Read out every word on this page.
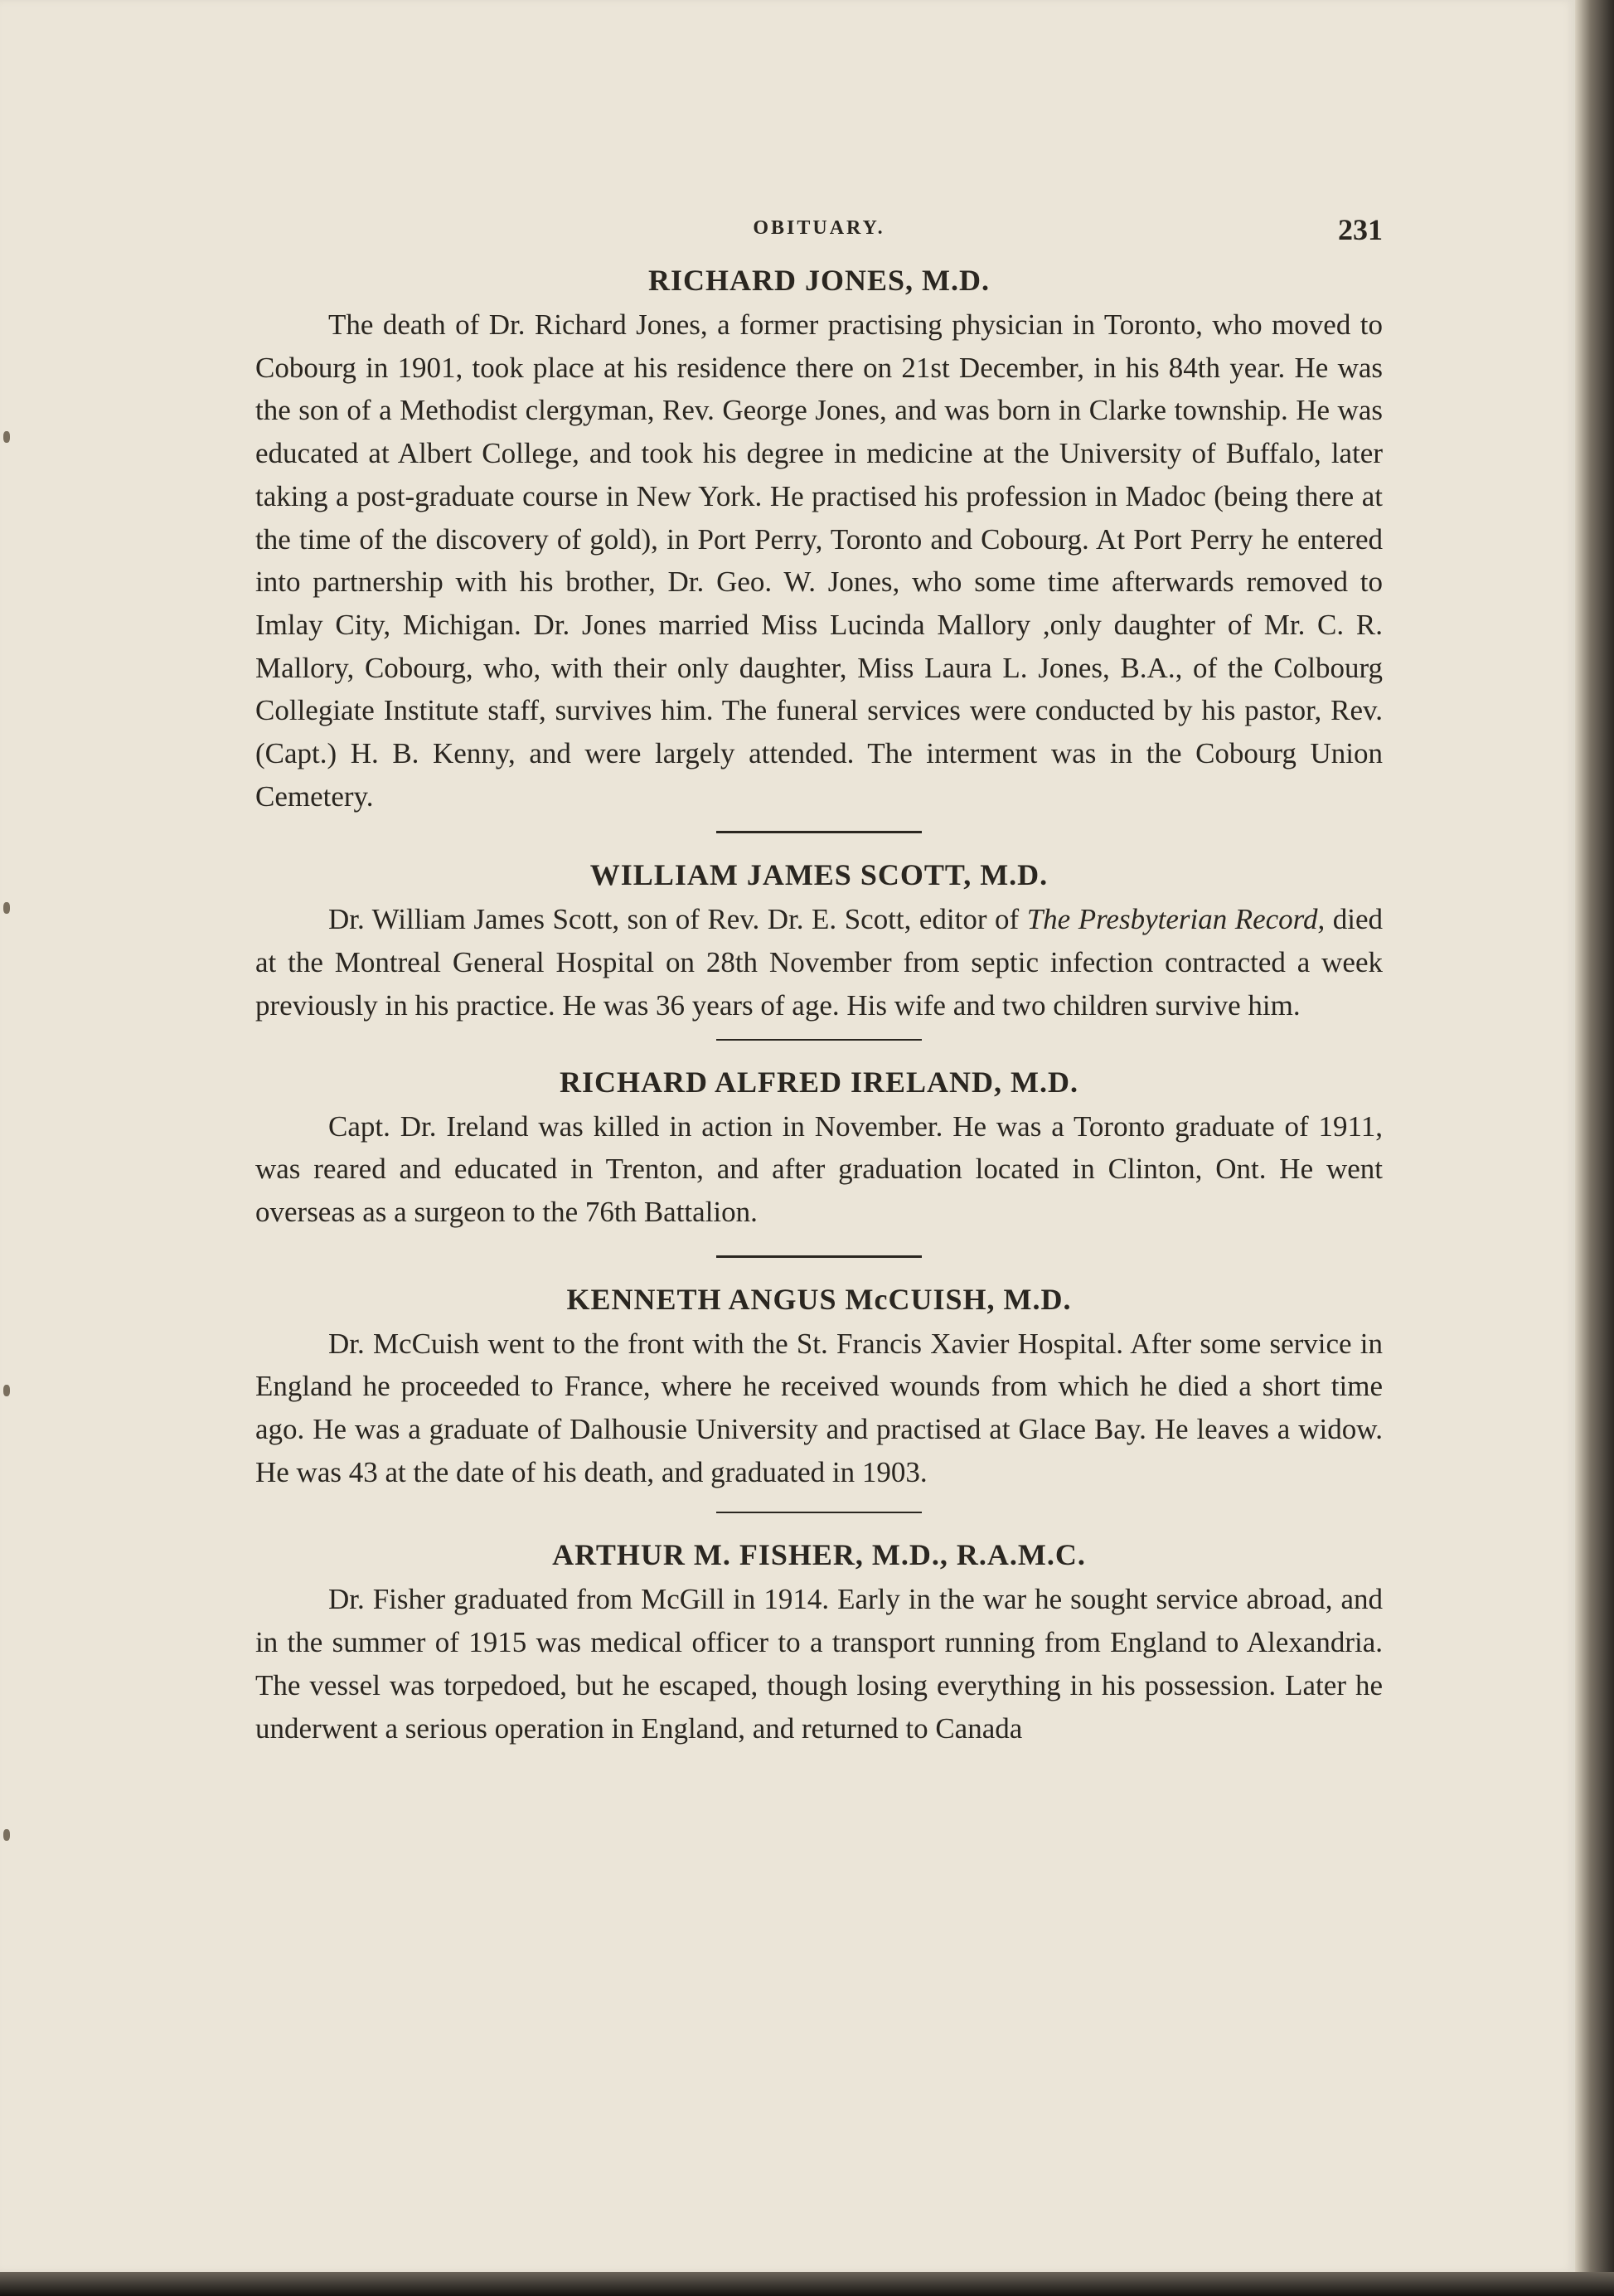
OBITUARY.	231
RICHARD JONES, M.D.

The death of Dr. Richard Jones, a former practising physician in Toronto, who moved to Cobourg in 1901, took place at his residence there on 21st December, in his 84th year. He was the son of a Methodist clergyman, Rev. George Jones, and was born in Clarke township. He was educated at Albert College, and took his degree in medicine at the University of Buffalo, later taking a post-graduate course in New York. He practised his profession in Madoc (being there at the time of the discovery of gold), in Port Perry, Toronto and Cobourg. At Port Perry he entered into partnership with his brother, Dr. Geo. W. Jones, who some time afterwards removed to Imlay City, Michigan. Dr. Jones married Miss Lucinda Mallory ,only daughter of Mr. C. R. Mallory, Cobourg, who, with their only daughter, Miss Laura L. Jones, B.A., of the Colbourg Collegiate Institute staff, survives him. The funeral services were conducted by his pastor, Rev. (Capt.) H. B. Kenny, and were largely attended. The interment was in the Cobourg Union Cemetery.

WILLIAM JAMES SCOTT, M.D.

Dr. William James Scott, son of Rev. Dr. E. Scott, editor of The Presbyterian Record, died at the Montreal General Hospital on 28th November from septic infection contracted a week previously in his practice. He was 36 years of age. His wife and two children survive him.

RICHARD ALFRED IRELAND, M.D.

Capt. Dr. Ireland was killed in action in November. He was a Toronto graduate of 1911, was reared and educated in Trenton, and after graduation located in Clinton, Ont. He went overseas as a surgeon to the 76th Battalion.

KENNETH ANGUS McCUISH, M.D.

Dr. McCuish went to the front with the St. Francis Xavier Hospital. After some service in England he proceeded to France, where he received wounds from which he died a short time ago. He was a graduate of Dalhousie University and practised at Glace Bay. He leaves a widow. He was 43 at the date of his death, and graduated in 1903.

ARTHUR M. FISHER, M.D., R.A.M.C.

Dr. Fisher graduated from McGill in 1914. Early in the war he sought service abroad, and in the summer of 1915 was medical officer to a transport running from England to Alexandria. The vessel was torpedoed, but he escaped, though losing everything in his possession. Later he underwent a serious operation in England, and returned to Canada
